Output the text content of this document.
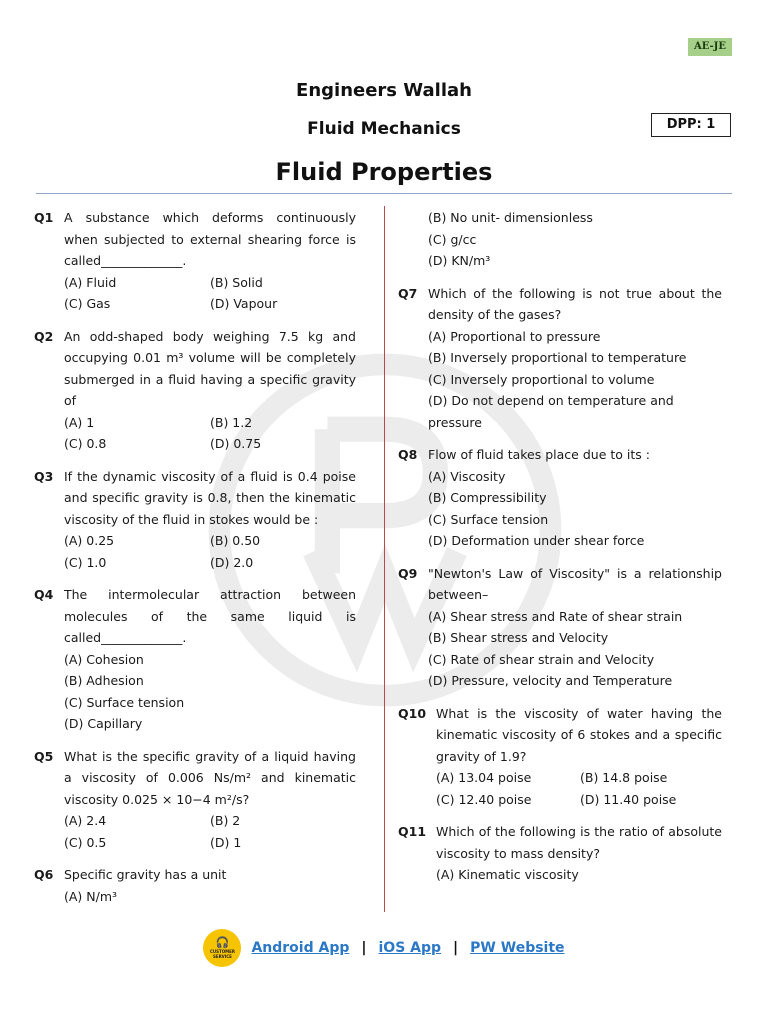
AE-JE
Engineers Wallah
Fluid Mechanics	DPP: 1
Fluid Properties
Q1 A substance which deforms continuously when subjected to external shearing force is called_____________.
(A) Fluid	(B) Solid
(C) Gas	(D) Vapour
Q2 An odd-shaped body weighing 7.5 kg and occupying 0.01 m³ volume will be completely submerged in a fluid having a specific gravity of
(A) 1	(B) 1.2
(C) 0.8	(D) 0.75
Q3 If the dynamic viscosity of a fluid is 0.4 poise and specific gravity is 0.8, then the kinematic viscosity of the fluid in stokes would be :
(A) 0.25	(B) 0.50
(C) 1.0	(D) 2.0
Q4 The intermolecular attraction between molecules of the same liquid is called_____________.
(A) Cohesion
(B) Adhesion
(C) Surface tension
(D) Capillary
Q5 What is the specific gravity of a liquid having a viscosity of 0.006 Ns/m² and kinematic viscosity 0.025 × 10−4 m²/s?
(A) 2.4	(B) 2
(C) 0.5	(D) 1
Q6 Specific gravity has a unit
(A) N/m³
(B) No unit- dimensionless
(C) g/cc
(D) KN/m³
Q7 Which of the following is not true about the density of the gases?
(A) Proportional to pressure
(B) Inversely proportional to temperature
(C) Inversely proportional to volume
(D) Do not depend on temperature and pressure
Q8 Flow of fluid takes place due to its :
(A) Viscosity
(B) Compressibility
(C) Surface tension
(D) Deformation under shear force
Q9 "Newton's Law of Viscosity" is a relationship between–
(A) Shear stress and Rate of shear strain
(B) Shear stress and Velocity
(C) Rate of shear strain and Velocity
(D) Pressure, velocity and Temperature
Q10 What is the viscosity of water having the kinematic viscosity of 6 stokes and a specific gravity of 1.9?
(A) 13.04 poise	(B) 14.8 poise
(C) 12.40 poise	(D) 11.40 poise
Q11 Which of the following is the ratio of absolute viscosity to mass density?
(A) Kinematic viscosity
🎧
CUSTOMER SERVICE
Android App | iOS App | PW Website
